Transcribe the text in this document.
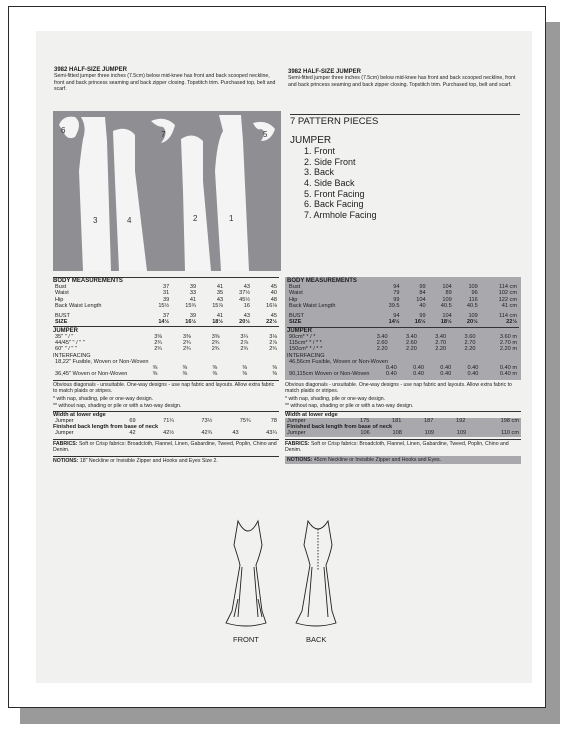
3982 HALF-SIZE JUMPER
Semi-fitted jumper three inches (7.5cm) below mid-knee has front and back scooped neckline, front and back princess seaming and back zipper closing. Topstitch trim. Purchased top, belt and scarf.
3982 HALF-SIZE JUMPER
Semi-fitted jumper three inches (7.5cm) below mid-knee has front and back scooped neckline, front and back princess seaming and back zipper closing. Topstitch trim. Purchased top, belt and scarf.
6
3	4
7
2	1
5
7 PATTERN PIECES
JUMPER
1. Front
2. Side Front
3. Back
4. Side Back
5. Front Facing
6. Back Facing
7. Armhole Facing
BODY MEASUREMENTS
Bust	37	39	41	43	45
Waist	31	33	35	37½	40
Hip	39	41	43	45½	48
Back Waist Length	15½	15¾	15⅞	16	16⅛

BUST	37	39	41	43	45
SIZE	14½	16½	18½	20½	22½
JUMPER
35" " / "	3⅜	3⅜	3⅜	3¼	3⅛
44/45" " / " "	2¾	2¾	2¾	2⅞	2⅞
60" " / " "	2¾	2¾	2¾	2¾	2¾
INTERFACING
18,22" Fusible, Woven or Non-Woven					
	⅜	⅜	⅜	⅜	⅜
36,45" Woven or Non-Woven	⅜	⅜	⅜	⅜	⅜
Obvious diagonals - unsuitable. One-way designs - use nap fabric and layouts. Allow extra fabric to match plaids or stripes.
* with nap, shading, pile or one-way design.
** without nap, shading or pile or with a two-way design.
Width at lower edge
Jumper	69	71¼	73½	75¾	78
Finished back length from base of neck
Jumper	42	42½	42¾	43	43¼
FABRICS: Soft or Crisp fabrics: Broadcloth, Flannel, Linen, Gabardine, Tweed, Poplin, Chino and Denim.
NOTIONS: 18" Neckline or Invisible Zipper and Hooks and Eyes Size 2.
BODY MEASUREMENTS
Bust	94	99	104	109	114 cm
Waist	79	84	89	96	102 cm
Hip	99	104	109	116	122 cm
Back Waist Length	39.5	40	40.5	40.5	41 cm

BUST	94	99	104	109	114 cm
SIZE	14½	16½	18½	20½	22½
JUMPER
90cm* * / *	3.40	3.40	3.40	3.60	3.60 m
115cm* * / * *	2.60	2.60	2.70	2.70	2.70 m
150cm* * / * *	2.20	2.20	2.20	2.20	2.20 m
INTERFACING
46,56cm Fusible, Woven or Non-Woven					
	0.40	0.40	0.40	0.40	0.40 m
90,115cm Woven or Non-Woven	0.40	0.40	0.40	0.40	0.40 m
Obvious diagonals - unsuitable. One-way designs - use nap fabric and layouts. Allow extra fabric to match plaids or stripes.
* with nap, shading, pile or one-way design.
** without nap, shading or pile or with a two-way design.
Width at lower edge
Jumper	175	181	187	192	198 cm
Finished back length from base of neck
Jumper	106	108	109	109	110 cm
FABRICS: Soft or Crisp fabrics: Broadcloth, Flannel, Linen, Gabardine, Tweed, Poplin, Chino and Denim.
NOTIONS: 45cm Neckline or Invisible Zipper and Hooks and Eyes.
FRONT	BACK
